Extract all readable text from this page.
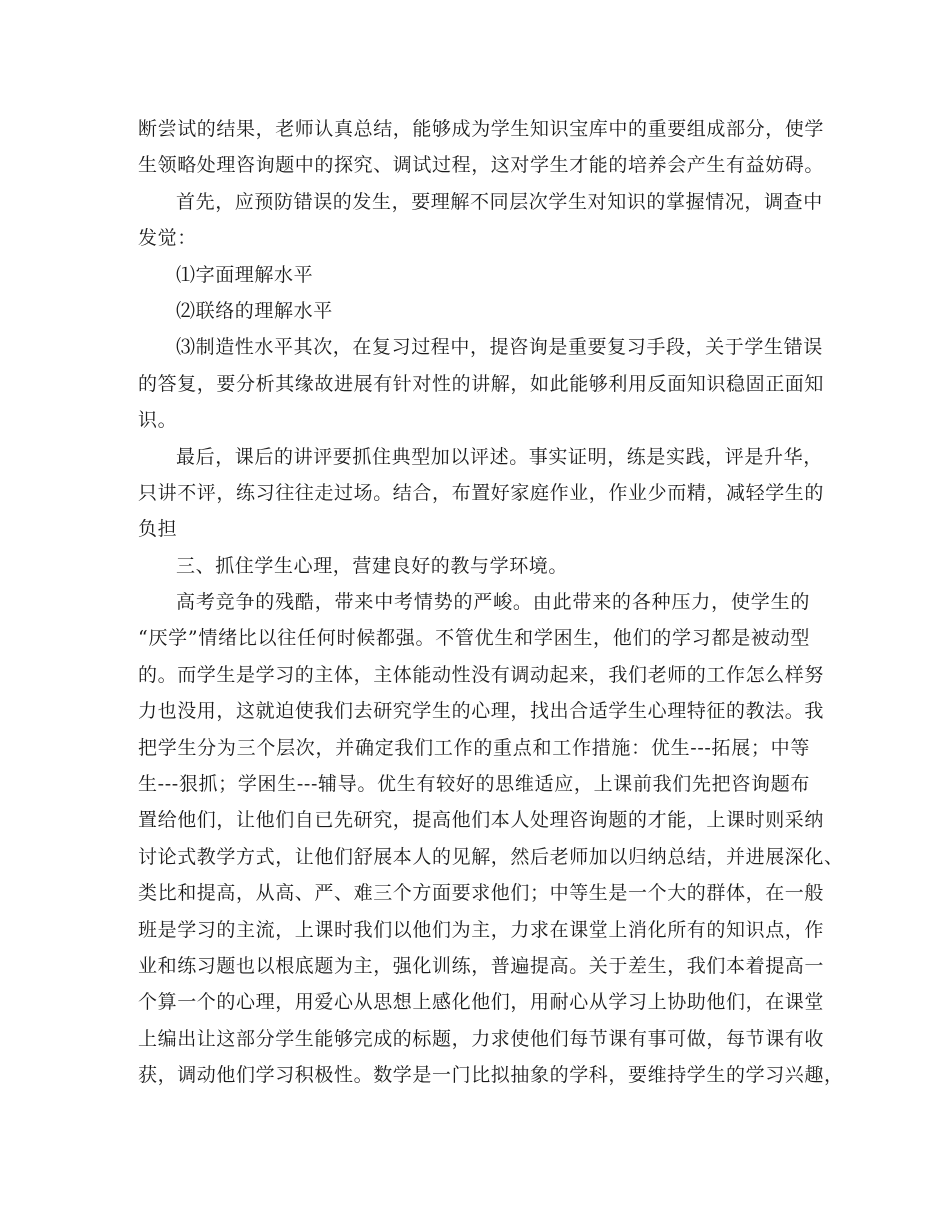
断尝试的结果，老师认真总结，能够成为学生知识宝库中的重要组成部分，使学
生领略处理咨询题中的探究、调试过程，这对学生才能的培养会产生有益妨碍。
首先，应预防错误的发生，要理解不同层次学生对知识的掌握情况，调查中
发觉：
⑴字面理解水平
⑵联络的理解水平
⑶制造性水平其次，在复习过程中，提咨询是重要复习手段，关于学生错误
的答复，要分析其缘故进展有针对性的讲解，如此能够利用反面知识稳固正面知
识。
最后，课后的讲评要抓住典型加以评述。事实证明，练是实践，评是升华，
只讲不评，练习往往走过场。结合，布置好家庭作业，作业少而精，减轻学生的
负担
三、抓住学生心理，营建良好的教与学环境。
高考竞争的残酷，带来中考情势的严峻。由此带来的各种压力，使学生的
“厌学”情绪比以往任何时候都强。不管优生和学困生，他们的学习都是被动型
的。而学生是学习的主体，主体能动性没有调动起来，我们老师的工作怎么样努
力也没用，这就迫使我们去研究学生的心理，找出合适学生心理特征的教法。我
把学生分为三个层次，并确定我们工作的重点和工作措施：优生---拓展；中等
生---狠抓；学困生---辅导。优生有较好的思维适应，上课前我们先把咨询题布
置给他们，让他们自已先研究，提高他们本人处理咨询题的才能，上课时则采纳
讨论式教学方式，让他们舒展本人的见解，然后老师加以归纳总结，并进展深化、
类比和提高，从高、严、难三个方面要求他们；中等生是一个大的群体，在一般
班是学习的主流，上课时我们以他们为主，力求在课堂上消化所有的知识点，作
业和练习题也以根底题为主，强化训练，普遍提高。关于差生，我们本着提高一
个算一个的心理，用爱心从思想上感化他们，用耐心从学习上协助他们，在课堂
上编出让这部分学生能够完成的标题，力求使他们每节课有事可做，每节课有收
获，调动他们学习积极性。数学是一门比拟抽象的学科，要维持学生的学习兴趣，
